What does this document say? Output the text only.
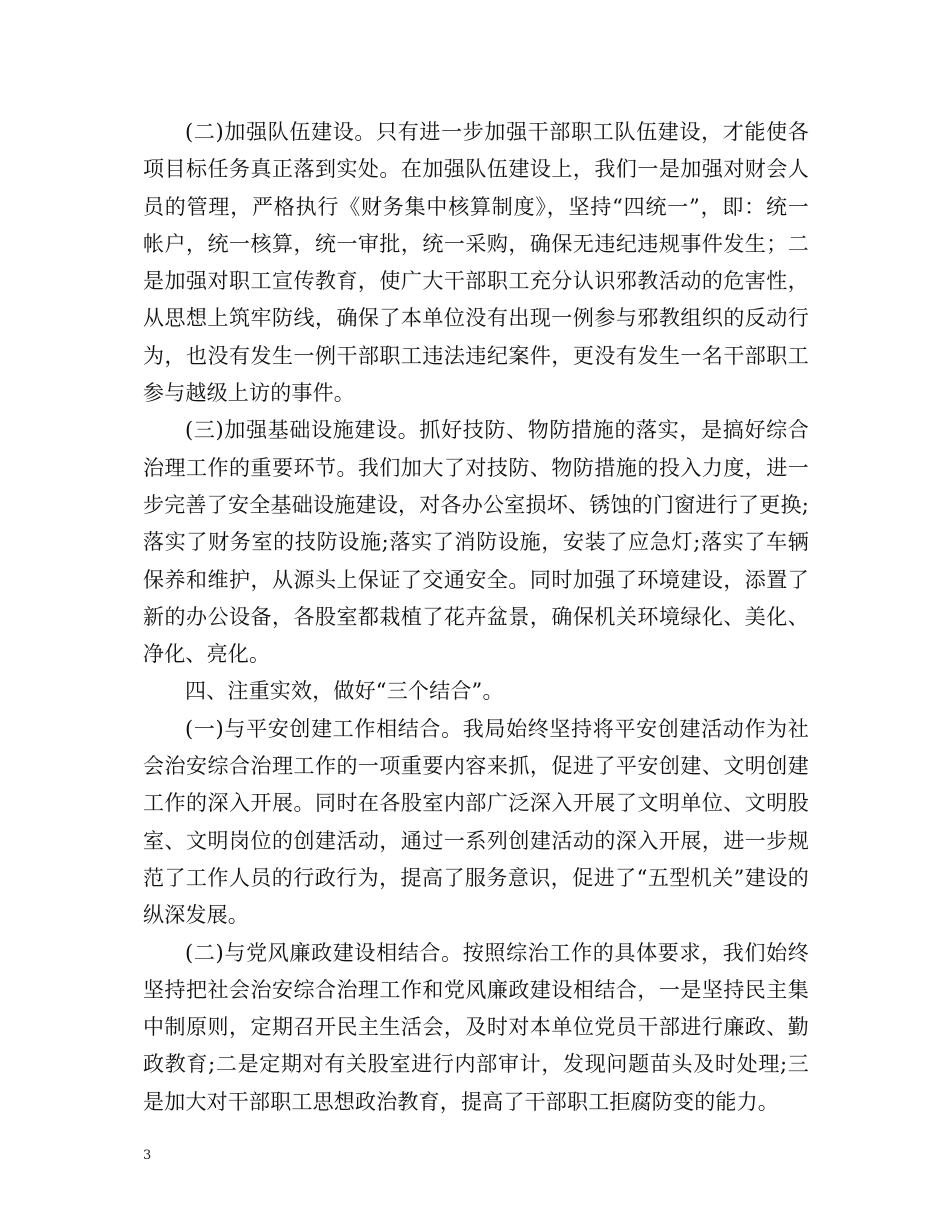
(二)加强队伍建设。只有进一步加强干部职工队伍建设，才能使各项目标任务真正落到实处。在加强队伍建设上，我们一是加强对财会人员的管理，严格执行《财务集中核算制度》，坚持“四统一”，即：统一帐户，统一核算，统一审批，统一采购，确保无违纪违规事件发生；二是加强对职工宣传教育，使广大干部职工充分认识邪教活动的危害性，从思想上筑牢防线，确保了本单位没有出现一例参与邪教组织的反动行为，也没有发生一例干部职工违法违纪案件，更没有发生一名干部职工参与越级上访的事件。

(三)加强基础设施建设。抓好技防、物防措施的落实，是搞好综合治理工作的重要环节。我们加大了对技防、物防措施的投入力度，进一步完善了安全基础设施建设，对各办公室损坏、锈蚀的门窗进行了更换;落实了财务室的技防设施;落实了消防设施，安装了应急灯;落实了车辆保养和维护，从源头上保证了交通安全。同时加强了环境建设，添置了新的办公设备，各股室都栽植了花卉盆景，确保机关环境绿化、美化、净化、亮化。

四、注重实效，做好“三个结合”。

(一)与平安创建工作相结合。我局始终坚持将平安创建活动作为社会治安综合治理工作的一项重要内容来抓，促进了平安创建、文明创建工作的深入开展。同时在各股室内部广泛深入开展了文明单位、文明股室、文明岗位的创建活动，通过一系列创建活动的深入开展，进一步规范了工作人员的行政行为，提高了服务意识，促进了“五型机关”建设的纵深发展。

(二)与党风廉政建设相结合。按照综治工作的具体要求，我们始终坚持把社会治安综合治理工作和党风廉政建设相结合，一是坚持民主集中制原则，定期召开民主生活会，及时对本单位党员干部进行廉政、勤政教育;二是定期对有关股室进行内部审计，发现问题苗头及时处理;三是加大对干部职工思想政治教育，提高了干部职工拒腐防变的能力。

3
